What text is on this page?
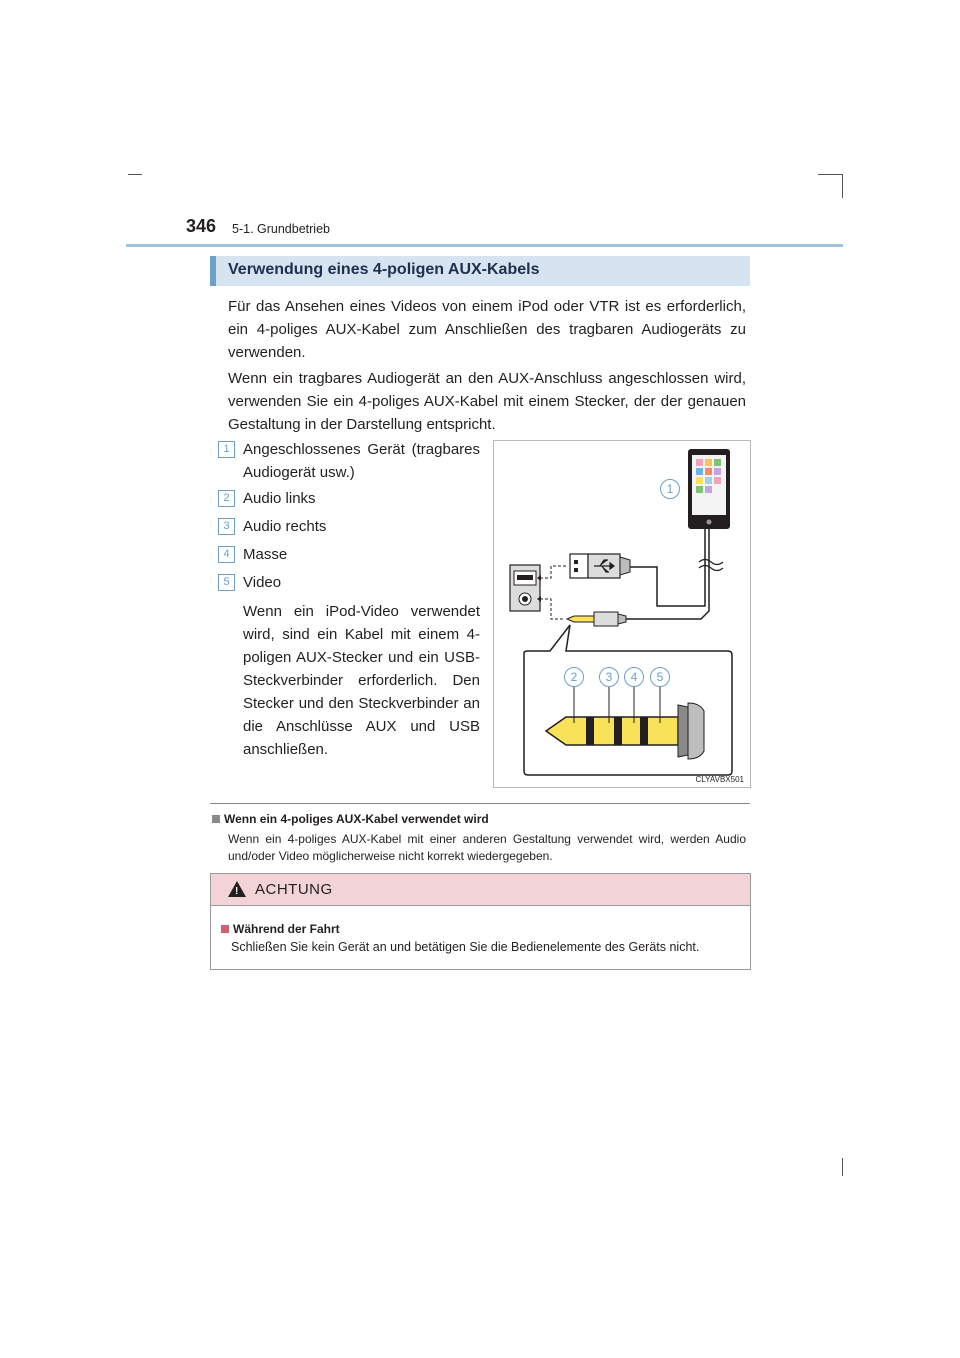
346 5-1. Grundbetrieb
Verwendung eines 4-poligen AUX-Kabels

Für das Ansehen eines Videos von einem iPod oder VTR ist es erforderlich, ein 4-poliges AUX-Kabel zum Anschließen des tragbaren Audiogeräts zu verwenden.

Wenn ein tragbares Audiogerät an den AUX-Anschluss angeschlossen wird, verwenden Sie ein 4-poliges AUX-Kabel mit einem Stecker, der der genauen Gestaltung in der Darstellung entspricht.

1 Angeschlossenes Gerät (tragbares Audiogerät usw.)
2 Audio links
3 Audio rechts
4 Masse
5 Video
Wenn ein iPod-Video verwendet wird, sind ein Kabel mit einem 4-poligen AUX-Stecker und ein USB-Steckverbinder erforderlich. Den Stecker und den Steckverbinder an die Anschlüsse AUX und USB anschließen.
1
2	3	4	5
CLYAVBX501
Wenn ein 4-poliges AUX-Kabel verwendet wird

Wenn ein 4-poliges AUX-Kabel mit einer anderen Gestaltung verwendet wird, werden Audio und/oder Video möglicherweise nicht korrekt wiedergegeben.

! ACHTUNG
Während der Fahrt
Schließen Sie kein Gerät an und betätigen Sie die Bedienelemente des Geräts nicht.
